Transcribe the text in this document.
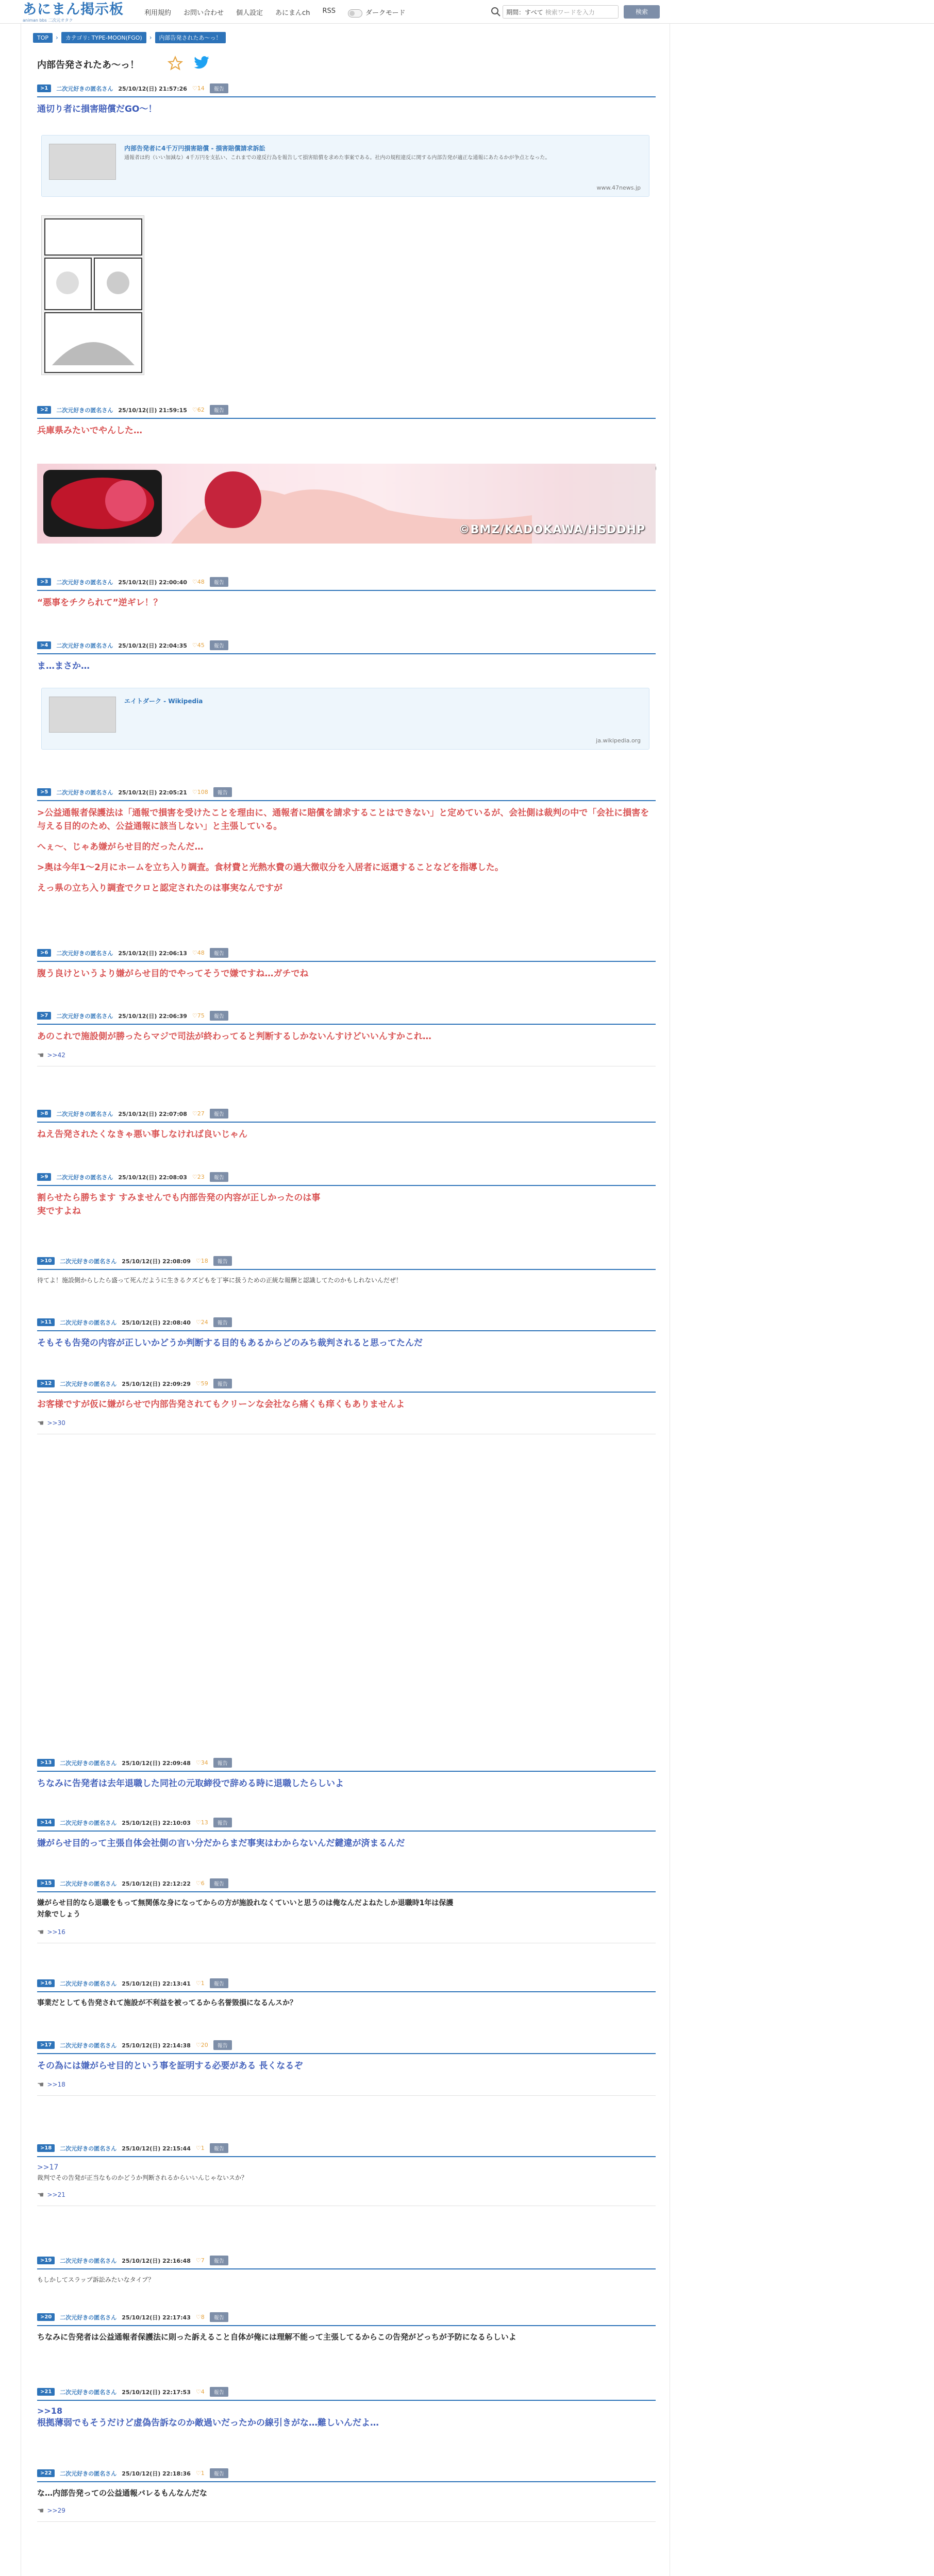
あにまん掲示板
animan bbs 二次元オタク
利用規約 お問い合わせ 個人設定 あにまんch RSS	ダークモード	期間：すべて 検索ワードを入力	検索
TOP	›	カテゴリ: TYPE-MOON(FGO)	›	内部告発されたあ〜っ！
内部告発されたあ〜っ！
>1	二次元好きの匿名さん 25/10/12(日) 21:57:26 ♡14	報告
通切り者に損害賠償だGO〜！
内部告発者に4千万円損害賠償 - 損害賠償請求訴訟
通報者は約（いい加減な）4千万円を支払い、これまでの違反行為を報告して損害賠償を求めた事案である。社内の規程違反に関する内部告発が適正な通報にあたるかが争点となった。
www.47news.jp
>2	二次元好きの匿名さん 25/10/12(日) 21:59:15 ♡62	報告
兵庫県みたいでやんした…
©BMZ/KADOKAWA/HSDDHP
>3	二次元好きの匿名さん 25/10/12(日) 22:00:40 ♡48	報告
“悪事をチクられて”逆ギレ！？
>4	二次元好きの匿名さん 25/10/12(日) 22:04:35 ♡45	報告
ま…まさか…
エイトダーク - Wikipedia
ja.wikipedia.org
>5	二次元好きの匿名さん 25/10/12(日) 22:05:21 ♡108	報告
>公益通報者保護法は「通報で損害を受けたことを理由に、通報者に賠償を請求することはできない」と定めているが、会社側は裁判の中で「会社に損害を与える目的のため、公益通報に該当しない」と主張している。
へぇ〜、じゃあ嫌がらせ目的だったんだ…
>奥は今年1〜2月にホームを立ち入り調査。食材費と光熱水費の過大徴収分を入居者に返還することなどを指導した。
えっ県の立ち入り調査でクロと認定されたのは事実なんですが
>6	二次元好きの匿名さん 25/10/12(日) 22:06:13 ♡48	報告
腹う良けというより嫌がらせ目的でやってそうで嫌ですね…ガチでね
>7	二次元好きの匿名さん 25/10/12(日) 22:06:39 ♡75	報告
あのこれで施設側が勝ったらマジで司法が終わってると判断するしかないんすけどいいんすかこれ…
☚ >>42
>8	二次元好きの匿名さん 25/10/12(日) 22:07:08 ♡27	報告
ねえ告発されたくなきゃ悪い事しなければ良いじゃん
>9	二次元好きの匿名さん 25/10/12(日) 22:08:03 ♡23	報告
割らせたら勝ちます すみませんでも内部告発の内容が正しかったのは事実ですよね
>10	二次元好きの匿名さん 25/10/12(日) 22:08:09 ♡18	報告
待てよ！施設側からしたら盛って死んだように生きるクズどもを丁寧に扱うための正統な報酬と認識してたのかもしれないんだぜ！
>11	二次元好きの匿名さん 25/10/12(日) 22:08:40 ♡24	報告
そもそも告発の内容が正しいかどうか判断する目的もあるからどのみち裁判されると思ってたんだ
>12	二次元好きの匿名さん 25/10/12(日) 22:09:29 ♡59	報告
お客様ですが仮に嫌がらせで内部告発されてもクリーンな会社なら痛くも痒くもありませんよ
☚ >>30
>13	二次元好きの匿名さん 25/10/12(日) 22:09:48 ♡34	報告
ちなみに告発者は去年退職した同社の元取締役で辞める時に退職したらしいよ
>14	二次元好きの匿名さん 25/10/12(日) 22:10:03 ♡13	報告
嫌がらせ目的って主張自体会社側の言い分だからまだ事実はわからないんだ鍵違が済まるんだ
>15	二次元好きの匿名さん 25/10/12(日) 22:12:22 ♡6	報告
嫌がらせ目的なら退職をもって無関係な身になってからの方が施設れなくていいと思うのは俺なんだよねたしか退職時1年は保護対象でしょう
☚ >>16
>16	二次元好きの匿名さん 25/10/12(日) 22:13:41 ♡1	報告
事業だとしても告発されて施設が不利益を被ってるから名誉毀損になるんスか？
>17	二次元好きの匿名さん 25/10/12(日) 22:14:38 ♡20	報告
その為には嫌がらせ目的という事を証明する必要がある 長くなるぞ
☚ >>18
>18	二次元好きの匿名さん 25/10/12(日) 22:15:44 ♡1	報告
>>17
裁判でその告発が正当なものかどうか判断されるからいいんじゃないスか？
☚ >>21
>19	二次元好きの匿名さん 25/10/12(日) 22:16:48 ♡7	報告
もしかしてスラップ訴訟みたいなタイプ？
>20	二次元好きの匿名さん 25/10/12(日) 22:17:43 ♡8	報告
ちなみに告発者は公益通報者保護法に則った訴えること自体が俺には理解不能って主張してるからこの告発がどっちが予防になるらしいよ
>21	二次元好きの匿名さん 25/10/12(日) 22:17:53 ♡4	報告
>>18
根拠薄弱でもそうだけど虚偽告訴なのか敵過いだったかの線引きがな…難しいんだよ…
>22	二次元好きの匿名さん 25/10/12(日) 22:18:36 ♡1	報告
な…内部告発っての公益通報バレるもんなんだな
☚ >>29
